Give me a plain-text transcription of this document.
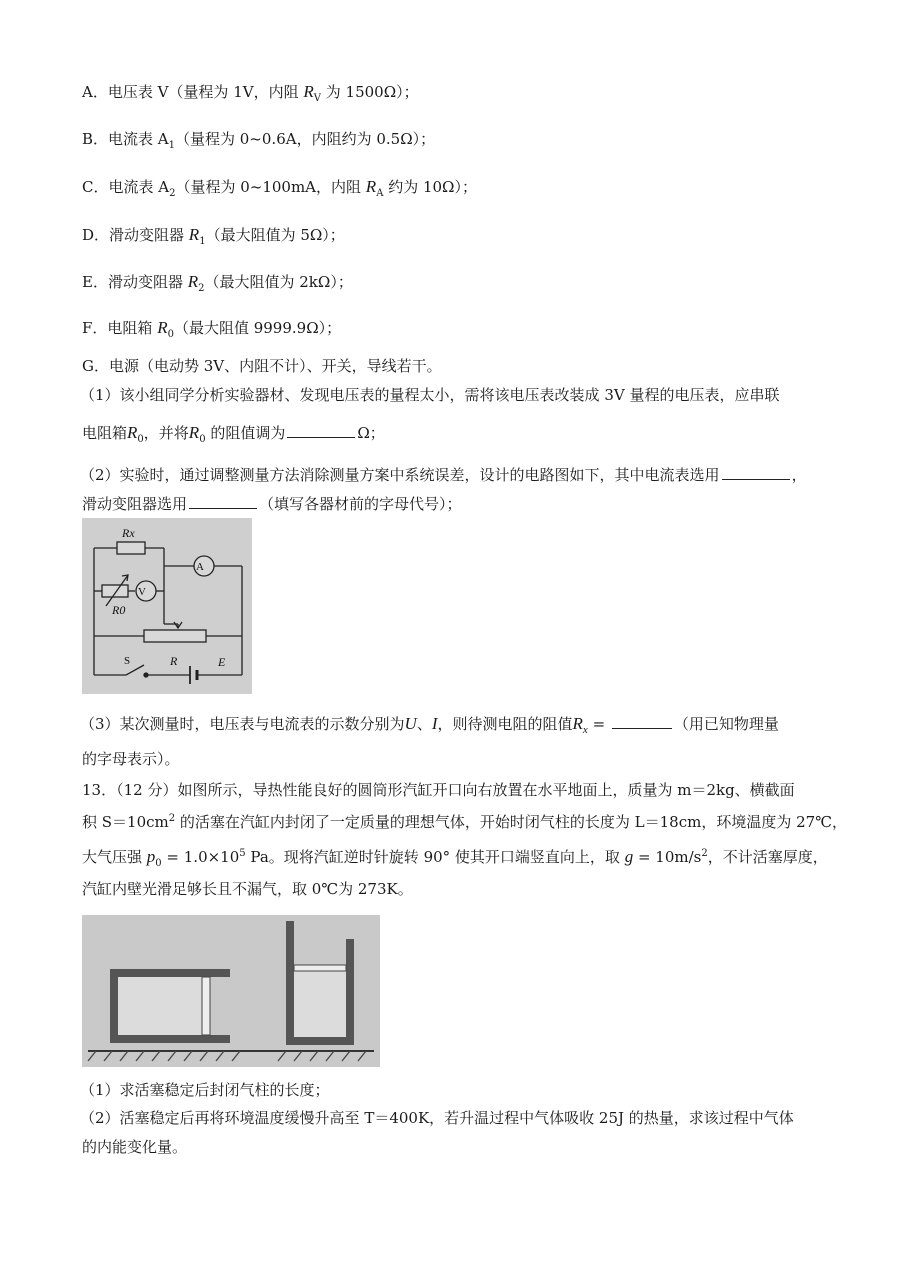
A．电压表 V（量程为 1V，内阻 $R_V$ 为 1500Ω）；
B．电流表 $A_1$（量程为 0~0.6A，内阻约为 0.5Ω）；
C．电流表 $A_2$（量程为 0~100mA，内阻 $R_A$ 约为 10Ω）；
D．滑动变阻器 $R_1$（最大阻值为 5Ω）；
E．滑动变阻器 $R_2$（最大阻值为 2kΩ）；
F．电阻箱 $R_0$（最大阻值 9999.9Ω）；
G．电源（电动势 3V、内阻不计）、开关，导线若干。
（1）该小组同学分析实验器材、发现电压表的量程太小，需将该电压表改装成 3V 量程的电压表，应串联
电阻箱$R_0$，并将$R_0$ 的阻值调为	Ω；
（2）实验时，通过调整测量方法消除测量方案中系统误差，设计的电路图如下，其中电流表选用	，
滑动变阻器选用	（填写各器材前的字母代号）；
Rx
R0
R	E
V
A
S
（3）某次测量时，电压表与电流表的示数分别为U、I，则待测电阻的阻值$R_x$ =	（用已知物理量
的字母表示）。
13．（12 分）如图所示，导热性能良好的圆筒形汽缸开口向右放置在水平地面上，质量为 m＝2kg、横截面
积 $S=10cm^2$ 的活塞在汽缸内封闭了一定质量的理想气体，开始时闭气柱的长度为 L＝18cm，环境温度为 27℃，
大气压强 $p_0 = 1.0\times 10^5$ Pa。现将汽缸逆时针旋转 90° 使其开口端竖直向上，取 $g = 10m/s^2$，不计活塞厚度，
汽缸内壁光滑足够长且不漏气，取 0℃为 273K。
（1）求活塞稳定后封闭气柱的长度；
（2）活塞稳定后再将环境温度缓慢升高至 T＝400K，若升温过程中气体吸收 25J 的热量，求该过程中气体
的内能变化量。
